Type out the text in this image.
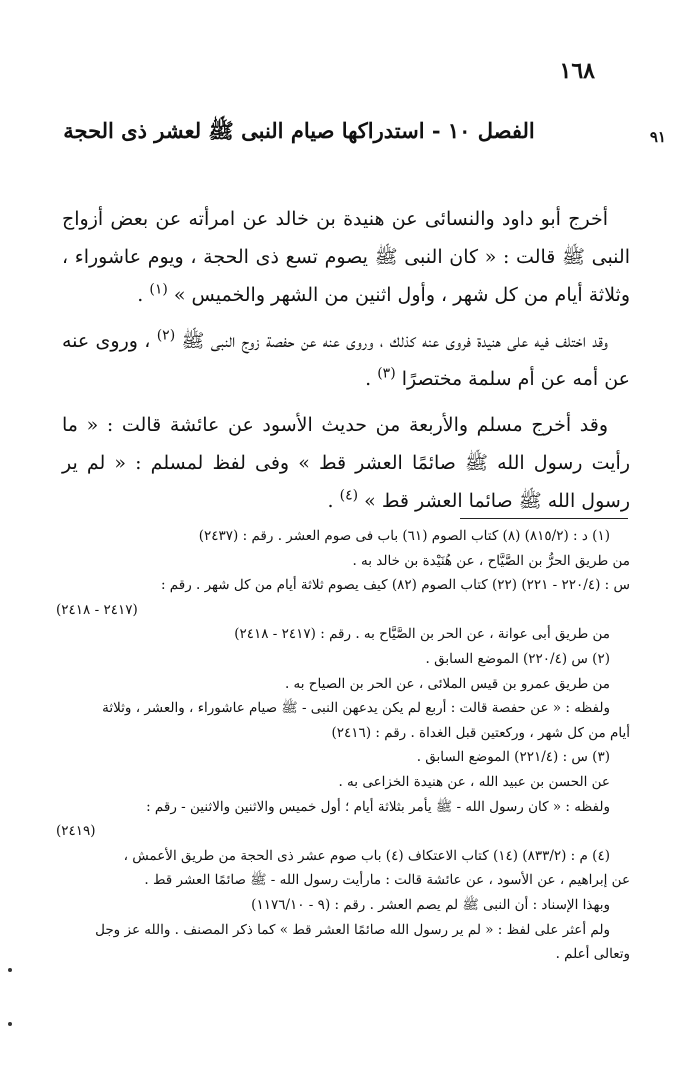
١٦٨
٩١
الفصل ١٠ - استدراكها صيام النبى ﷺ لعشر ذى الحجة

أخرج أبو داود والنسائى عن هنيدة بن خالد عن امرأته عن بعض أزواج النبى ﷺ قالت : « كان النبى ﷺ يصوم تسع ذى الحجة ، ويوم عاشوراء ، وثلاثة أيام من كل شهر ، وأول اثنين من الشهر والخميس » $^{(١)}$ .

وقد اختلف فيه على هنيدة فروى عنه كذلك ، وروى عنه عن حفصة زوج النبى ﷺ $^{(٢)}$ ، وروى عنه عن أمه عن أم سلمة مختصرًا $^{(٣)}$ .

وقد أخرج مسلم والأربعة من حديث الأسود عن عائشة قالت : « ما رأيت رسول الله ﷺ صائمًا العشر قط » وفى لفظ لمسلم : « لم ير رسول الله ﷺ صائما العشر قط » $^{(٤)}$ .

(١) د : (٨١٥/٢) (٨) كتاب الصوم (٦١) باب فى صوم العشر . رقم : (٢٤٣٧)
من طريق الحرُّ بن الصَّيَّاح ، عن هُنَيْدة بن خالد به .
س : (٢٢٠/٤ - ٢٢١) (٢٢) كتاب الصوم (٨٢) كيف يصوم ثلاثة أيام من كل شهر . رقم :
(٢٤١٧ - ٢٤١٨)
من طريق أبى عوانة ، عن الحر بن الصَّيَّاح به . رقم : (٢٤١٧ - ٢٤١٨)
(٢) س (٢٢٠/٤) الموضع السابق .
من طريق عمرو بن قيس الملائى ، عن الحر بن الصياح به .
ولفظه : « عن حفصة قالت : أربع لم يكن يدعهن النبى - ﷺ صيام عاشوراء ، والعشر ، وثلاثة
أيام من كل شهر ، وركعتين قبل الغداة . رقم : (٢٤١٦)
(٣) س : (٢٢١/٤) الموضع السابق .
عن الحسن بن عبيد الله ، عن هنيدة الخزاعى به .
ولفظه : « كان رسول الله - ﷺ يأمر بثلاثة أيام ؛ أول خميس والاثنين والاثنين - رقم :
(٢٤١٩)
(٤) م : (٨٣٣/٢) (١٤) كتاب الاعتكاف (٤) باب صوم عشر ذى الحجة من طريق الأعمش ،
عن إبراهيم ، عن الأسود ، عن عائشة قالت : مارأيت رسول الله - ﷺ صائمًا العشر قط .
وبهذا الإسناد : أن النبى ﷺ لم يصم العشر . رقم : (٩ - ١١٧٦/١٠)
ولم أعثر على لفظ : « لم ير رسول الله صائمًا العشر قط » كما ذكر المصنف . والله عز وجل
وتعالى أعلم .
